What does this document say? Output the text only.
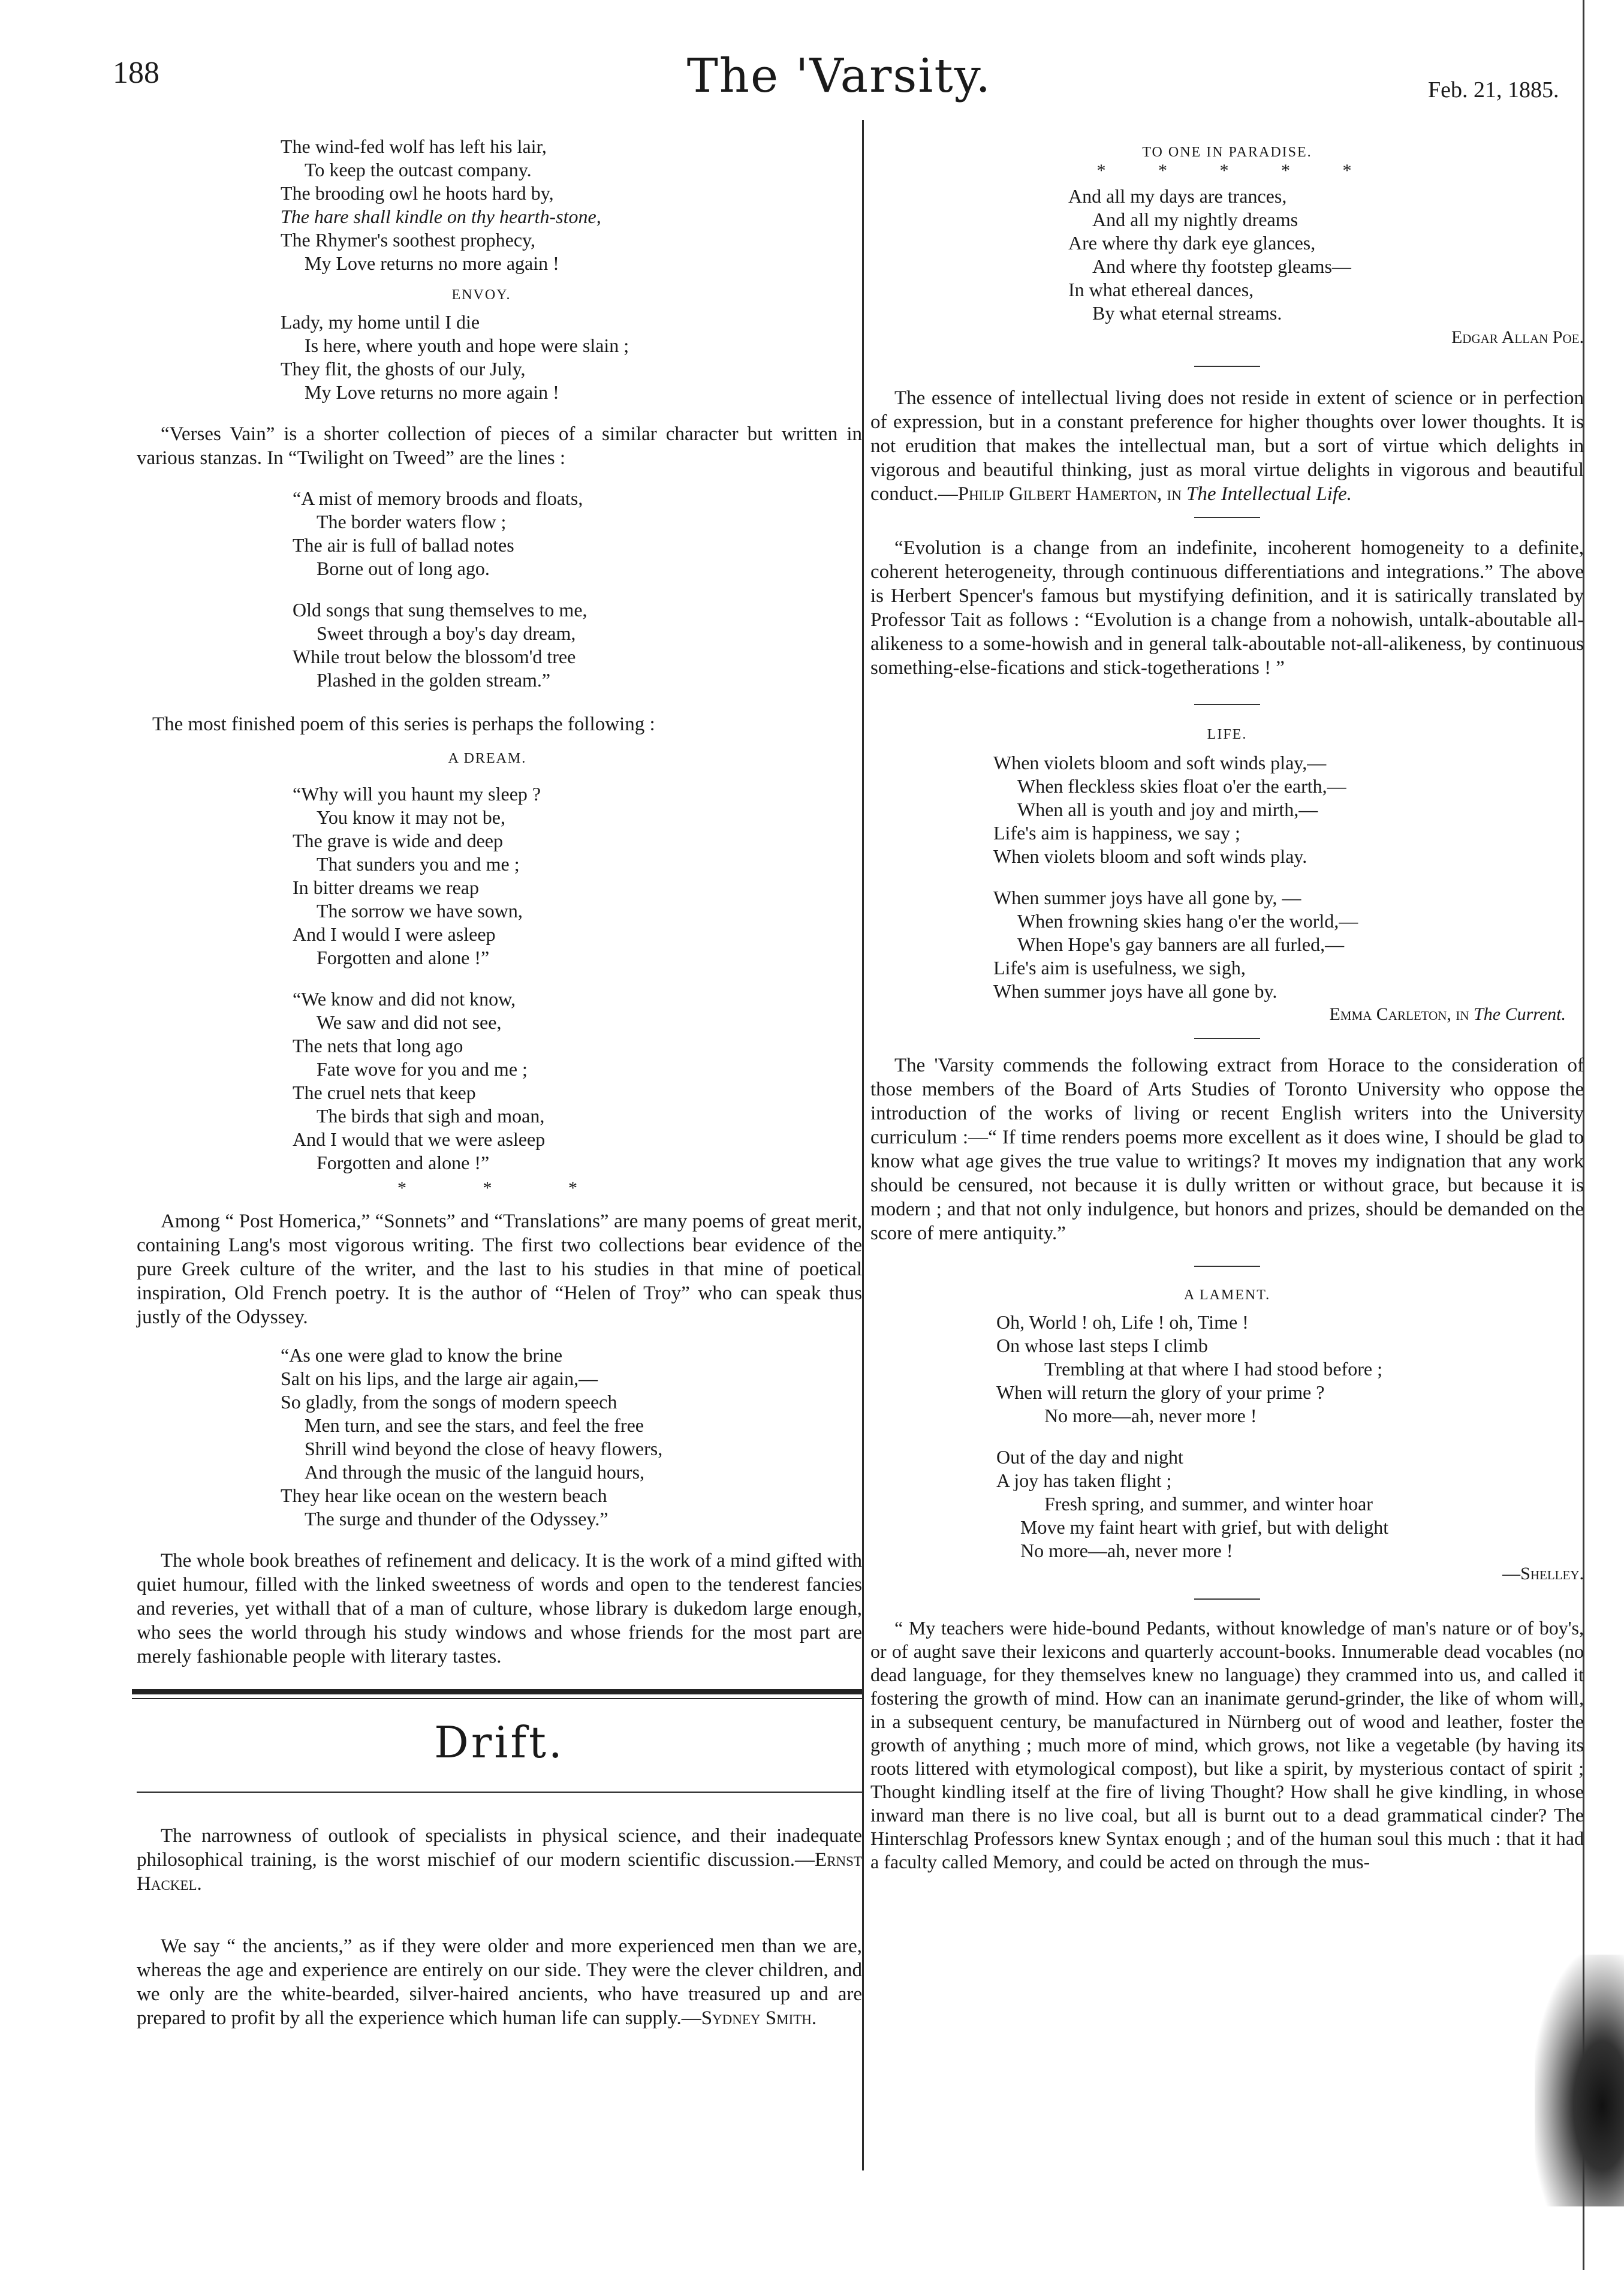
188	The 'Varsity.	Feb. 21, 1885.
The wind-fed wolf has left his lair,
To keep the outcast company.
The brooding owl he hoots hard by,
The hare shall kindle on thy hearth-stone,
The Rhymer's soothest prophecy,
My Love returns no more again !
ENVOY.
Lady, my home until I die
Is here, where youth and hope were slain ;
They flit, the ghosts of our July,
My Love returns no more again !

“Verses Vain” is a shorter collection of pieces of a similar character but written in various stanzas. In “Twilight on Tweed” are the lines :

“A mist of memory broods and floats,
The border waters flow ;
The air is full of ballad notes
Borne out of long ago.
Old songs that sung themselves to me,
Sweet through a boy's day dream,
While trout below the blossom'd tree
Plashed in the golden stream.”

The most finished poem of this series is perhaps the following :

A DREAM.
“Why will you haunt my sleep ?
You know it may not be,
The grave is wide and deep
That sunders you and me ;
In bitter dreams we reap
The sorrow we have sown,
And I would I were asleep
Forgotten and alone !”
“We know and did not know,
We saw and did not see,
The nets that long ago
Fate wove for you and me ;
The cruel nets that keep
The birds that sigh and moan,
And I would that we were asleep
Forgotten and alone !”
* * *

Among “ Post Homerica,” “Sonnets” and “Translations” are many poems of great merit, containing Lang's most vigorous writing. The first two collections bear evidence of the pure Greek culture of the writer, and the last to his studies in that mine of poetical inspiration, Old French poetry. It is the author of “Helen of Troy” who can speak thus justly of the Odyssey.

“As one were glad to know the brine
Salt on his lips, and the large air again,—
So gladly, from the songs of modern speech
Men turn, and see the stars, and feel the free
Shrill wind beyond the close of heavy flowers,
And through the music of the languid hours,
They hear like ocean on the western beach
The surge and thunder of the Odyssey.”

The whole book breathes of refinement and delicacy. It is the work of a mind gifted with quiet humour, filled with the linked sweetness of words and open to the tenderest fancies and reveries, yet withall that of a man of culture, whose library is dukedom large enough, who sees the world through his study windows and whose friends for the most part are merely fashionable people with literary tastes.

Drift.

The narrowness of outlook of specialists in physical science, and their inadequate philosophical training, is the worst mischief of our modern scientific discussion.—Ernst Hackel.

We say “ the ancients,” as if they were older and more experienced men than we are, whereas the age and experience are entirely on our side. They were the clever children, and we only are the white-bearded, silver-haired ancients, who have treasured up and are prepared to profit by all the experience which human life can supply.—Sydney Smith.

TO ONE IN PARADISE.
* * * * *
And all my days are trances,
And all my nightly dreams
Are where thy dark eye glances,
And where thy footstep gleams—
In what ethereal dances,
By what eternal streams.
Edgar Allan Poe.

The essence of intellectual living does not reside in extent of science or in perfection of expression, but in a constant preference for higher thoughts over lower thoughts. It is not erudition that makes the intellectual man, but a sort of virtue which delights in vigorous and beautiful thinking, just as moral virtue delights in vigorous and beautiful conduct.—Philip Gilbert Hamerton, in The Intellectual Life.

“Evolution is a change from an indefinite, incoherent homogeneity to a definite, coherent heterogeneity, through continuous differentiations and integrations.” The above is Herbert Spencer's famous but mystifying definition, and it is satirically translated by Professor Tait as follows : “Evolution is a change from a nohowish, untalk-aboutable all-alikeness to a some-howish and in general talk-aboutable not-all-alikeness, by continuous something-else-fications and stick-togetherations ! ”

LIFE.
When violets bloom and soft winds play,—
When fleckless skies float o'er the earth,—
When all is youth and joy and mirth,—
Life's aim is happiness, we say ;
When violets bloom and soft winds play.
When summer joys have all gone by, —
When frowning skies hang o'er the world,—
When Hope's gay banners are all furled,—
Life's aim is usefulness, we sigh,
When summer joys have all gone by.
Emma Carleton, in The Current.

The 'Varsity commends the following extract from Horace to the consideration of those members of the Board of Arts Studies of Toronto University who oppose the introduction of the works of living or recent English writers into the University curriculum :—“ If time renders poems more excellent as it does wine, I should be glad to know what age gives the true value to writings? It moves my indignation that any work should be censured, not because it is dully written or without grace, but because it is modern ; and that not only indulgence, but honors and prizes, should be demanded on the score of mere antiquity.”

A LAMENT.
Oh, World ! oh, Life ! oh, Time !
On whose last steps I climb
Trembling at that where I had stood before ;
When will return the glory of your prime ?
No more—ah, never more !
Out of the day and night
A joy has taken flight ;
Fresh spring, and summer, and winter hoar
Move my faint heart with grief, but with delight
No more—ah, never more !
—Shelley.

“ My teachers were hide-bound Pedants, without knowledge of man's nature or of boy's, or of aught save their lexicons and quarterly account-books. Innumerable dead vocables (no dead language, for they themselves knew no language) they crammed into us, and called it fostering the growth of mind. How can an inanimate gerund-grinder, the like of whom will, in a subsequent century, be manufactured in Nürnberg out of wood and leather, foster the growth of anything ; much more of mind, which grows, not like a vegetable (by having its roots littered with etymological compost), but like a spirit, by mysterious contact of spirit ; Thought kindling itself at the fire of living Thought? How shall he give kindling, in whose inward man there is no live coal, but all is burnt out to a dead grammatical cinder? The Hinterschlag Professors knew Syntax enough ; and of the human soul this much : that it had a faculty called Memory, and could be acted on through the mus-
